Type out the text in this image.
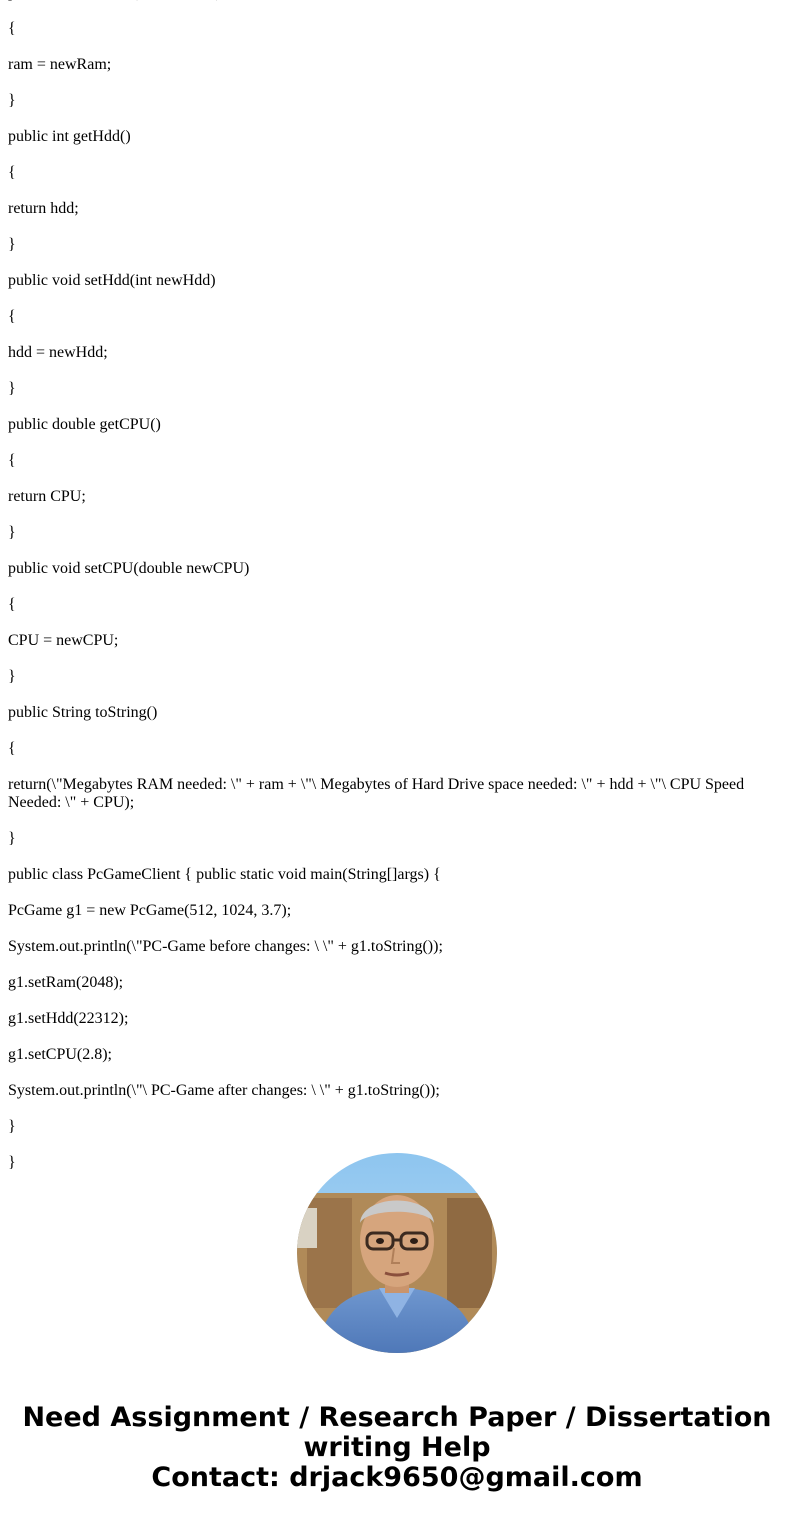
{

ram = newRam;

}

public int getHdd()

{

return hdd;

}

public void setHdd(int newHdd)

{

hdd = newHdd;

}

public double getCPU()

{

return CPU;

}

public void setCPU(double newCPU)

{

CPU = newCPU;

}

public String toString()

{

return(\"Megabytes RAM needed: \" + ram + \"\ Megabytes of Hard Drive space needed: \" + hdd + \"\ CPU Speed Needed: \" + CPU);

}

public class PcGameClient { public static void main(String[]args) {

PcGame g1 = new PcGame(512, 1024, 3.7);

System.out.println(\"PC-Game before changes: \ \" + g1.toString());

g1.setRam(2048);

g1.setHdd(22312);

g1.setCPU(2.8);

System.out.println(\"\ PC-Game after changes: \ \" + g1.toString());

}

}

Need Assignment / Research Paper / Dissertation
writing Help
Contact: drjack9650@gmail.com
